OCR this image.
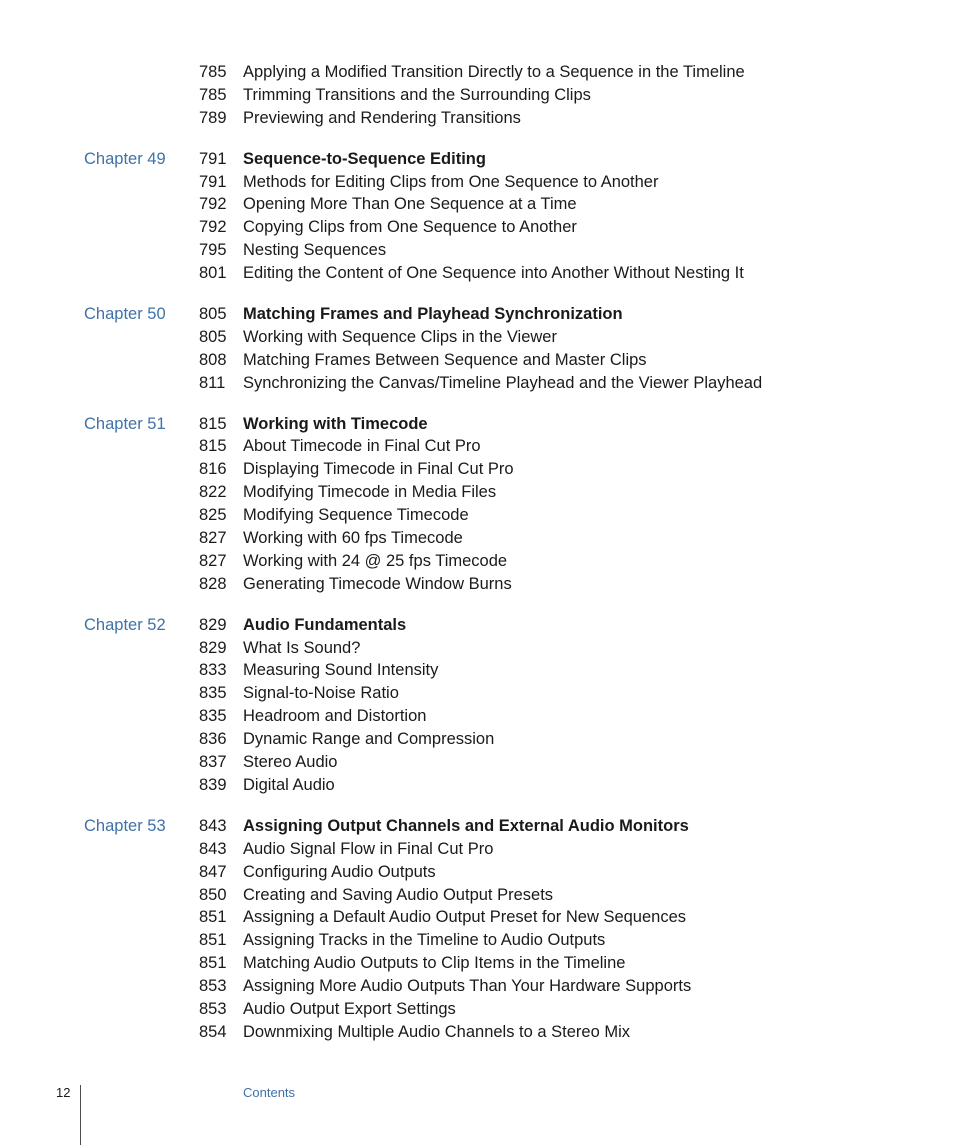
785 Applying a Modified Transition Directly to a Sequence in the Timeline
785 Trimming Transitions and the Surrounding Clips
789 Previewing and Rendering Transitions
Chapter 49 791 Sequence-to-Sequence Editing
791 Methods for Editing Clips from One Sequence to Another
792 Opening More Than One Sequence at a Time
792 Copying Clips from One Sequence to Another
795 Nesting Sequences
801 Editing the Content of One Sequence into Another Without Nesting It
Chapter 50 805 Matching Frames and Playhead Synchronization
805 Working with Sequence Clips in the Viewer
808 Matching Frames Between Sequence and Master Clips
811 Synchronizing the Canvas/Timeline Playhead and the Viewer Playhead
Chapter 51 815 Working with Timecode
815 About Timecode in Final Cut Pro
816 Displaying Timecode in Final Cut Pro
822 Modifying Timecode in Media Files
825 Modifying Sequence Timecode
827 Working with 60 fps Timecode
827 Working with 24 @ 25 fps Timecode
828 Generating Timecode Window Burns
Chapter 52 829 Audio Fundamentals
829 What Is Sound?
833 Measuring Sound Intensity
835 Signal-to-Noise Ratio
835 Headroom and Distortion
836 Dynamic Range and Compression
837 Stereo Audio
839 Digital Audio
Chapter 53 843 Assigning Output Channels and External Audio Monitors
843 Audio Signal Flow in Final Cut Pro
847 Configuring Audio Outputs
850 Creating and Saving Audio Output Presets
851 Assigning a Default Audio Output Preset for New Sequences
851 Assigning Tracks in the Timeline to Audio Outputs
851 Matching Audio Outputs to Clip Items in the Timeline
853 Assigning More Audio Outputs Than Your Hardware Supports
853 Audio Output Export Settings
854 Downmixing Multiple Audio Channels to a Stereo Mix
12	Contents
